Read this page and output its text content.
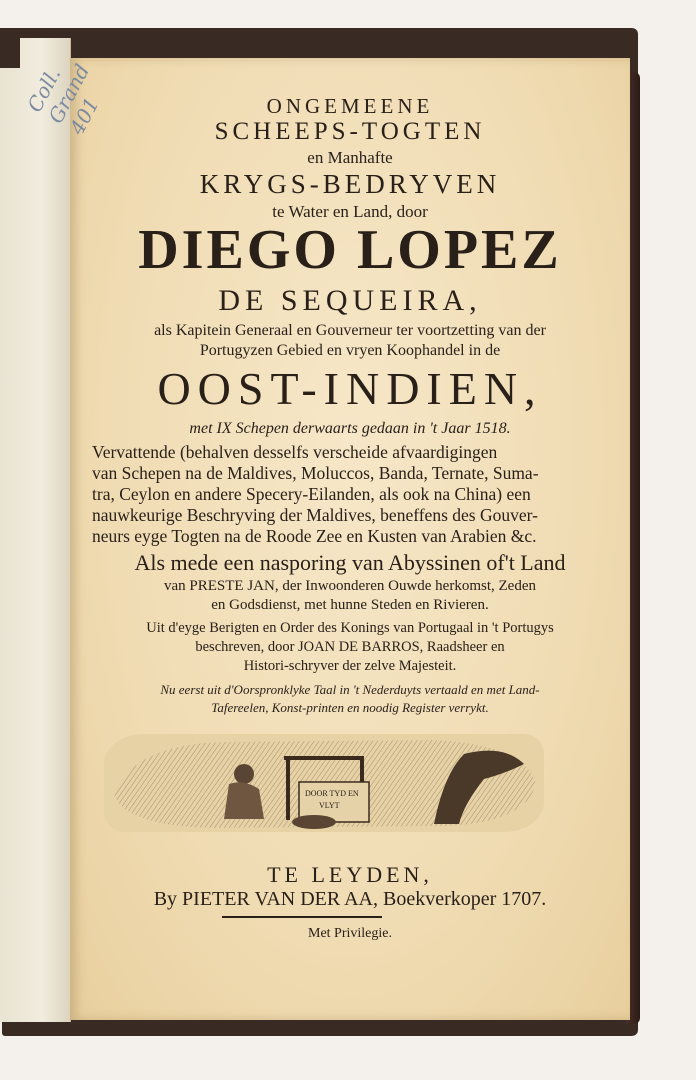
Coll. Grand 401	ONGEMEENE
SCHEEPS-TOGTEN
en Manhafte
KRYGS-BEDRYVEN
te Water en Land, door
DIEGO LOPEZ
DE SEQUEIRA,
als Kapitein Generaal en Gouverneur ter voortzetting van der
Portugyzen Gebied en vryen Koophandel in de
OOST-INDIEN,
met IX Schepen derwaarts gedaan in 't Jaar 1518.
Vervattende (behalven desselfs verscheide afvaardigingen
van Schepen na de Maldives, Moluccos, Banda, Ternate, Suma-
tra, Ceylon en andere Specery-Eilanden, als ook na China) een
nauwkeurige Beschryving der Maldives, beneffens des Gouver-
neurs eyge Togten na de Roode Zee en Kusten van Arabien &c.
Als mede een nasporing van Abyssinen of't Land
van PRESTE JAN, der Inwoonderen Ouwde herkomst, Zeden
en Godsdienst, met hunne Steden en Rivieren.
Uit d'eyge Berigten en Order des Konings van Portugaal in 't Portugys
beschreven, door JOAN DE BARROS, Raadsheer en
Histori-schryver der zelve Majesteit.
Nu eerst uit d'Oorspronklyke Taal in 't Nederduyts vertaald en met Land-
Tafereelen, Konst-printen en noodig Register verrykt.
DOOR TYD EN
VLYT
TE LEYDEN,
By PIETER VAN DER AA, Boekverkoper 1707.
Met Privilegie.
